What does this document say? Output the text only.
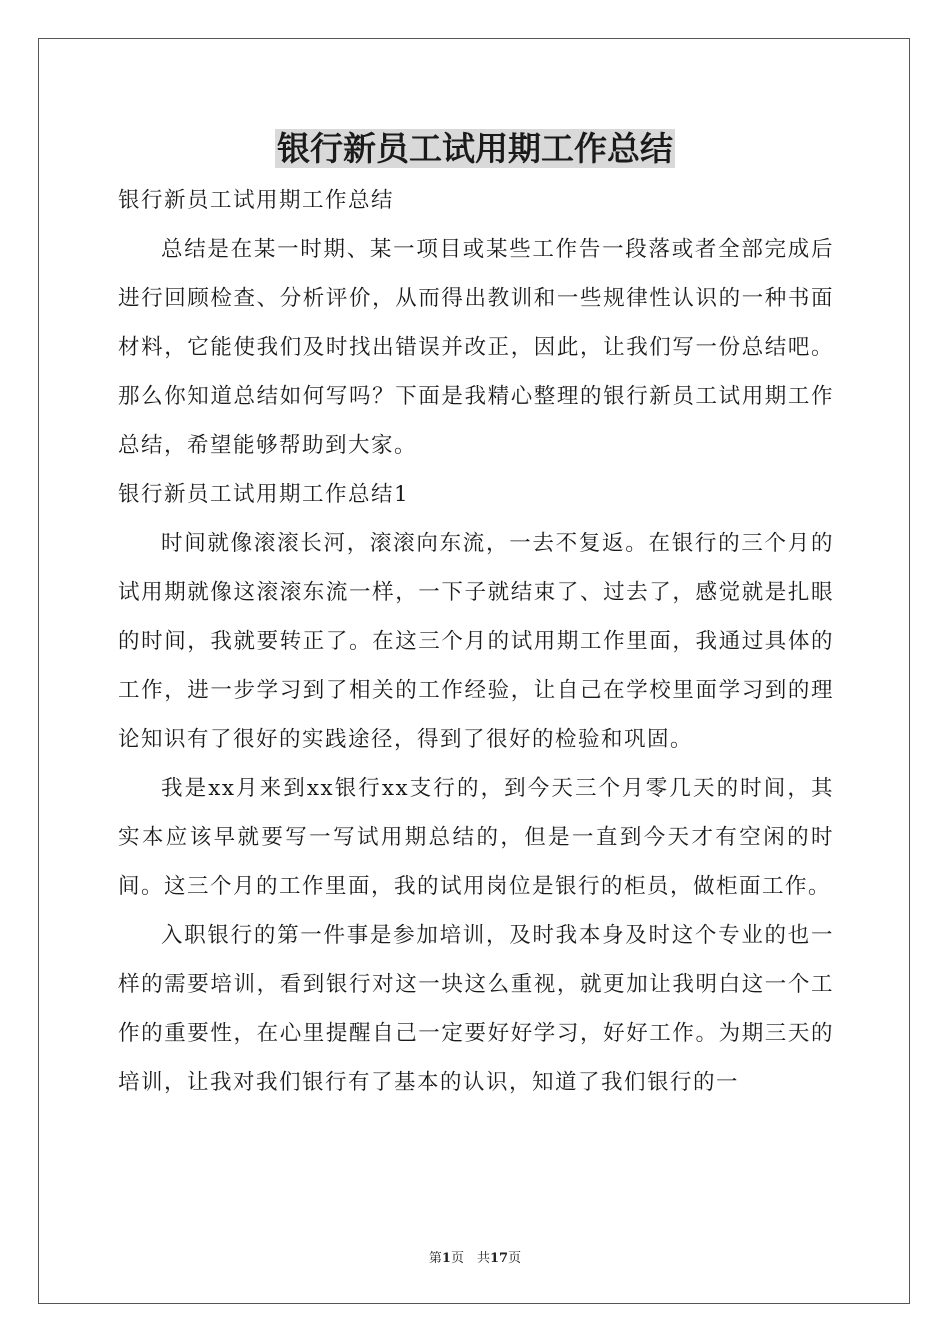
银行新员工试用期工作总结

银行新员工试用期工作总结

总结是在某一时期、某一项目或某些工作告一段落或者全部完成后进行回顾检查、分析评价，从而得出教训和一些规律性认识的一种书面材料，它能使我们及时找出错误并改正，因此，让我们写一份总结吧。那么你知道总结如何写吗？下面是我精心整理的银行新员工试用期工作总结，希望能够帮助到大家。

银行新员工试用期工作总结1

时间就像滚滚长河，滚滚向东流，一去不复返。在银行的三个月的试用期就像这滚滚东流一样，一下子就结束了、过去了，感觉就是扎眼的时间，我就要转正了。在这三个月的试用期工作里面，我通过具体的工作，进一步学习到了相关的工作经验，让自己在学校里面学习到的理论知识有了很好的实践途径，得到了很好的检验和巩固。

我是xx月来到xx银行xx支行的，到今天三个月零几天的时间，其实本应该早就要写一写试用期总结的，但是一直到今天才有空闲的时间。这三个月的工作里面，我的试用岗位是银行的柜员，做柜面工作。

入职银行的第一件事是参加培训，及时我本身及时这个专业的也一样的需要培训，看到银行对这一块这么重视，就更加让我明白这一个工作的重要性，在心里提醒自己一定要好好学习，好好工作。为期三天的培训，让我对我们银行有了基本的认识，知道了我们银行的一

第1页　共17页
